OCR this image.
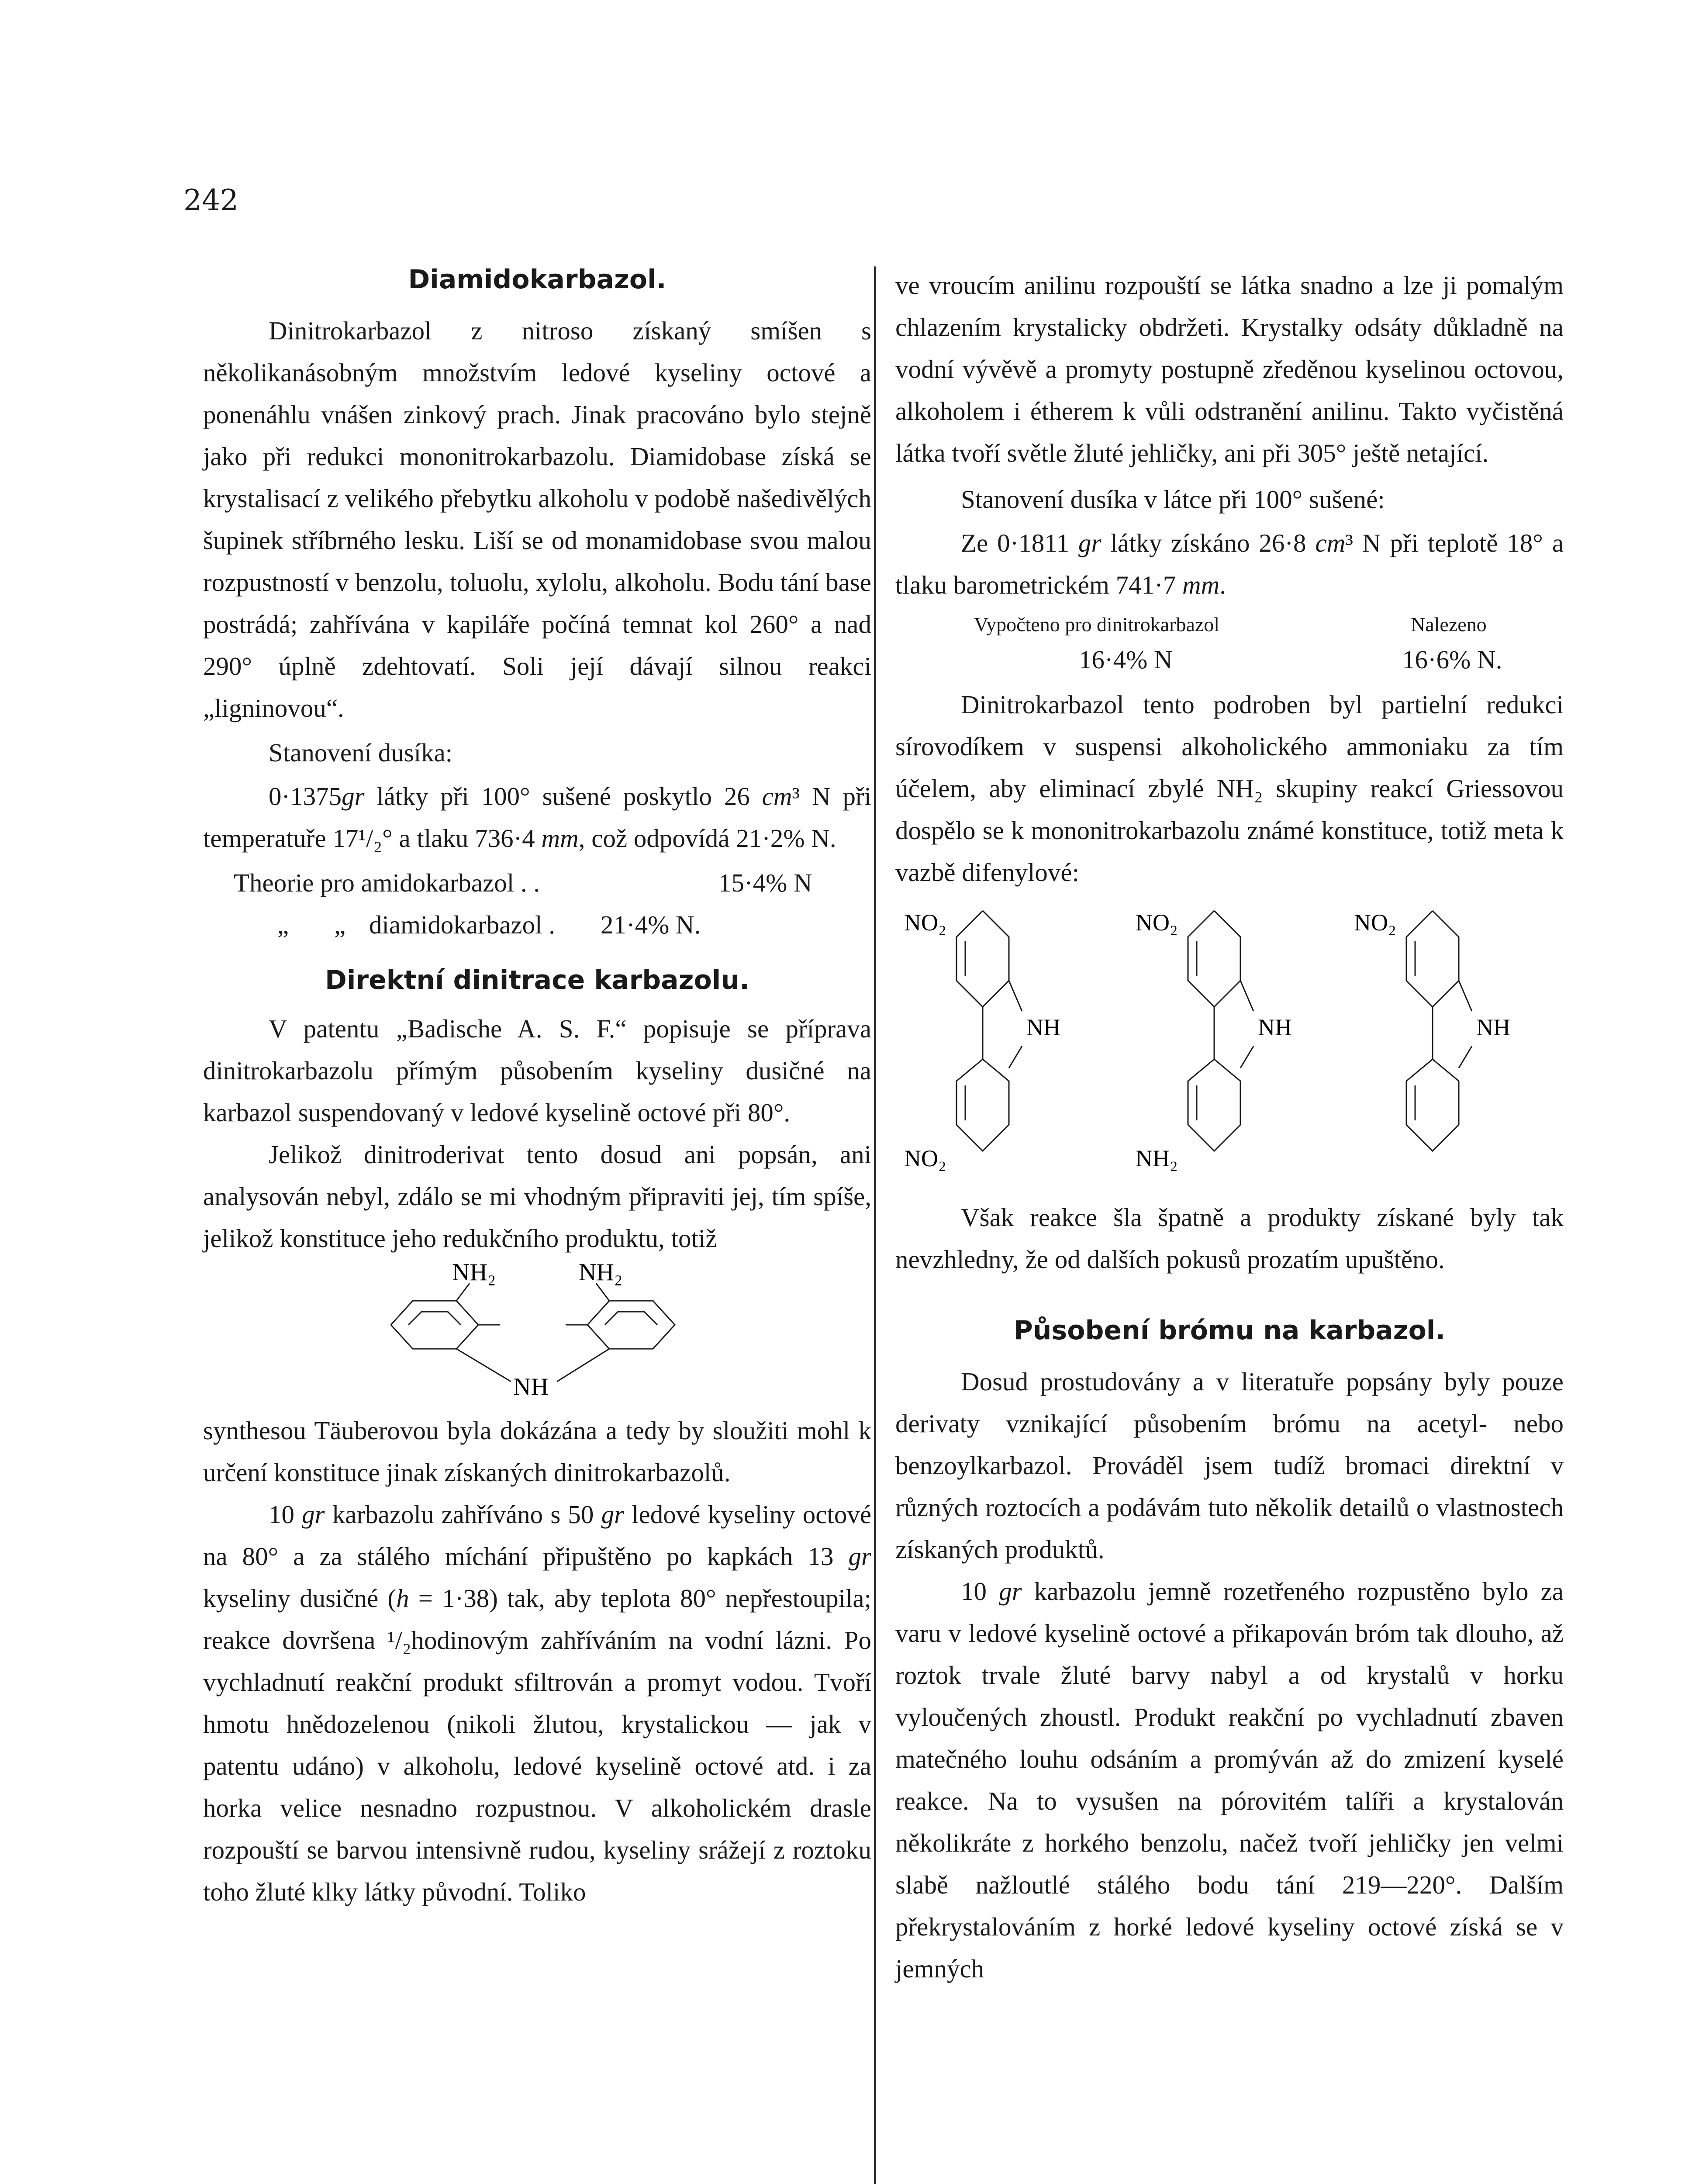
242
Diamidokarbazol.

Dinitrokarbazol z nitroso získaný smíšen s několikanásobným množstvím ledové kyseliny octové a ponenáhlu vnášen zinkový prach. Jinak pracováno bylo stejně jako při redukci mononitrokarbazolu. Diamidobase získá se krystalisací z velikého přebytku alkoholu v podobě našedivělých šupinek stříbrného lesku. Liší se od monamidobase svou malou rozpustností v benzolu, toluolu, xylolu, alkoholu. Bodu tání base postrádá; zahřívána v kapiláře počíná temnat kol 260° a nad 290° úplně zdehtovatí. Soli její dávají silnou reakci „ligninovou“.

Stanovení dusíka:

0·1375gr látky při 100° sušené poskytlo 26 cm³ N při temperatuře 17¹/₂° a tlaku 736·4 mm, což odpovídá 21·2% N.

Theorie pro amidokarbazol . .	15·4% N
„	„ diamidokarbazol .	21·4% N.
Direktní dinitrace karbazolu.

V patentu „Badische A. S. F.“ popisuje se příprava dinitrokarbazolu přímým působením kyseliny dusičné na karbazol suspendovaný v ledové kyselině octové při 80°.

Jelikož dinitroderivat tento dosud ani popsán, ani analysován nebyl, zdálo se mi vhodným připraviti jej, tím spíše, jelikož konstituce jeho redukčního produktu, totiž

NH₂	NH₂
NH

synthesou Täuberovou byla dokázána a tedy by sloužiti mohl k určení konstituce jinak získaných dinitrokarbazolů.

10 gr karbazolu zahříváno s 50 gr ledové kyseliny octové na 80° a za stálého míchání připuštěno po kapkách 13 gr kyseliny dusičné (h = 1·38) tak, aby teplota 80° nepřestoupila; reakce dovršena ¹/₂hodinovým zahříváním na vodní lázni. Po vychladnutí reakční produkt sfiltrován a promyt vodou. Tvoří hmotu hnědozelenou (nikoli žlutou, krystalickou — jak v patentu udáno) v alkoholu, ledové kyselině octové atd. i za horka velice nesnadno rozpustnou. V alkoholickém drasle rozpouští se barvou intensivně rudou, kyseliny srážejí z roztoku toho žluté klky látky původní. Toliko

ve vroucím anilinu rozpouští se látka snadno a lze ji pomalým chlazením krystalicky obdržeti. Krystalky odsáty důkladně na vodní vývěvě a promyty postupně zředěnou kyselinou octovou, alkoholem i étherem k vůli odstranění anilinu. Takto vyčistěná látka tvoří světle žluté jehličky, ani při 305° ještě netající.

Stanovení dusíka v látce při 100° sušené:

Ze 0·1811 gr látky získáno 26·8 cm³ N při teplotě 18° a tlaku barometrickém 741·7 mm.

Vypočteno pro dinitrokarbazol	Nalezeno
16·4% N	16·6% N.

Dinitrokarbazol tento podroben byl partielní redukci sírovodíkem v suspensi alkoholického ammoniaku za tím účelem, aby eliminací zbylé NH₂ skupiny reakcí Griessovou dospělo se k mononitrokarbazolu známé konstituce, totiž meta k vazbě difenylové:

NO₂
NH
NO₂
NO₂
NH
NH₂
NO₂
NH

Však reakce šla špatně a produkty získané byly tak nevzhledny, že od dalších pokusů prozatím upuštěno.

Působení brómu na karbazol.

Dosud prostudovány a v literatuře popsány byly pouze derivaty vznikající působením brómu na acetyl- nebo benzoylkarbazol. Prováděl jsem tudíž bromaci direktní v různých roztocích a podávám tuto několik detailů o vlastnostech získaných produktů.

10 gr karbazolu jemně rozetřeného rozpustěno bylo za varu v ledové kyselině octové a přikapován bróm tak dlouho, až roztok trvale žluté barvy nabyl a od krystalů v horku vyloučených zhoustl. Produkt reakční po vychladnutí zbaven matečného louhu odsáním a promýván až do zmizení kyselé reakce. Na to vysušen na pórovitém talíři a krystalován několikráte z horkého benzolu, načež tvoří jehličky jen velmi slabě nažloutlé stálého bodu tání 219—220°. Dalším překrystalováním z horké ledové kyseliny octové získá se v jemných
